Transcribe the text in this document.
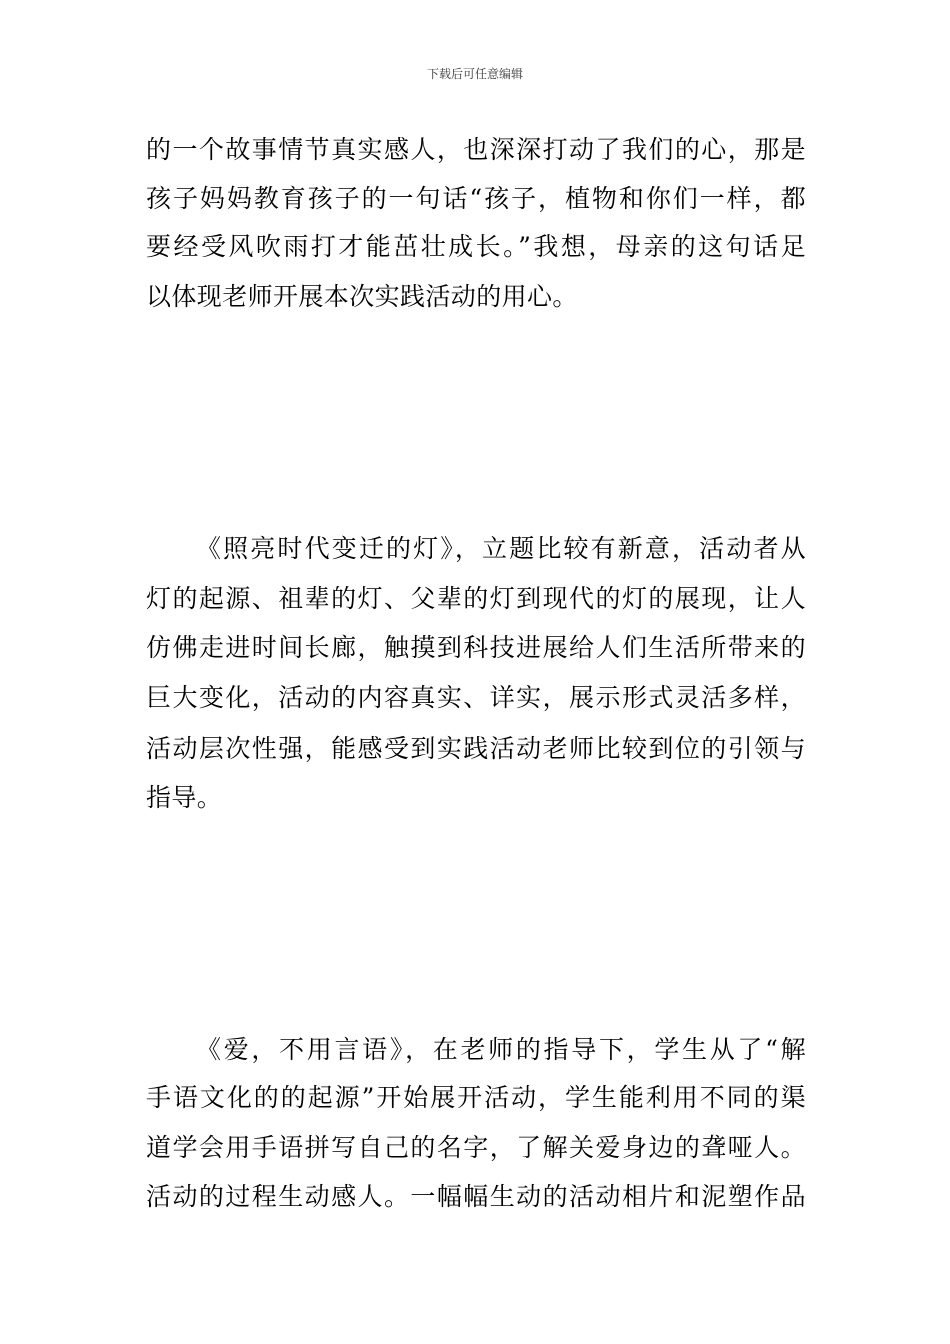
下载后可任意编辑
的一个故事情节真实感人，也深深打动了我们的心，那是
孩子妈妈教育孩子的一句话“孩子，植物和你们一样，都
要经受风吹雨打才能茁壮成长。”我想，母亲的这句话足
以体现老师开展本次实践活动的用心。
《照亮时代变迁的灯》，立题比较有新意，活动者从
灯的起源、祖辈的灯、父辈的灯到现代的灯的展现，让人
仿佛走进时间长廊，触摸到科技进展给人们生活所带来的
巨大变化，活动的内容真实、详实，展示形式灵活多样，
活动层次性强，能感受到实践活动老师比较到位的引领与
指导。
《爱，不用言语》，在老师的指导下，学生从了“解
手语文化的的起源”开始展开活动，学生能利用不同的渠
道学会用手语拼写自己的名字，了解关爱身边的聋哑人。
活动的过程生动感人。一幅幅生动的活动相片和泥塑作品
